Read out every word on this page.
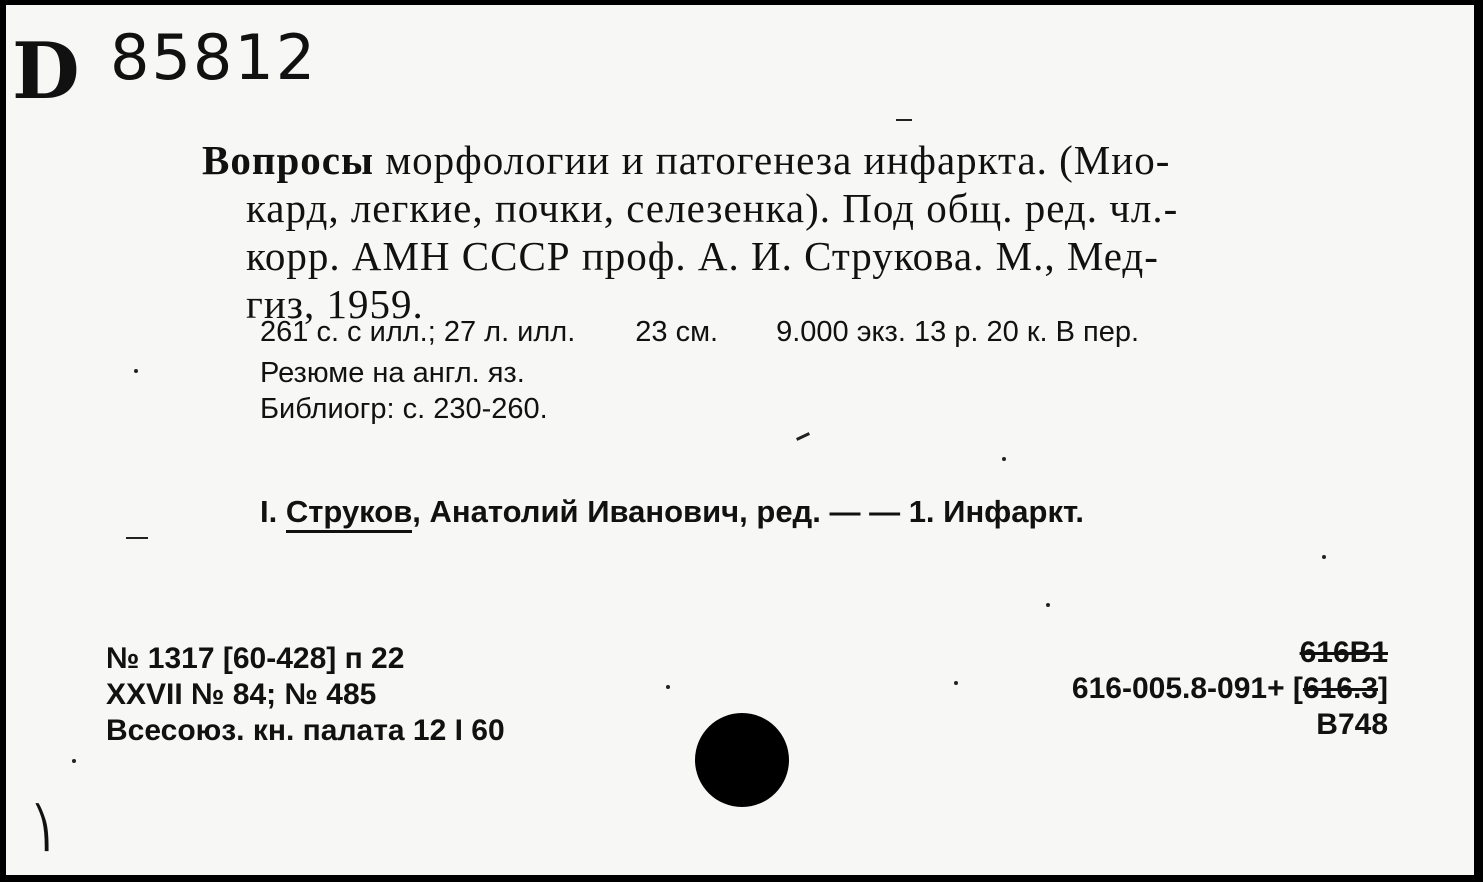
D 85812
Вопросы морфологии и патогенеза инфаркта. (Мио-
кард, легкие, почки, селезенка). Под общ. ред. чл.-
корр. АМН СССР проф. А. И. Струкова. М., Мед-
гиз, 1959.
261 с. с илл.; 27 л. илл. 23 см. 9.000 экз. 13 р. 20 к. В пер.
Резюме на англ. яз.
Библиогр: с. 230-260.
I. Струков, Анатолий Иванович, ред. — — 1. Инфаркт.
№ 1317 [60-428] п 22
XXVII № 84; № 485
Всесоюз. кн. палата 12 I 60
616В1
616-005.8-091+ [616.3]
В748
⎞
